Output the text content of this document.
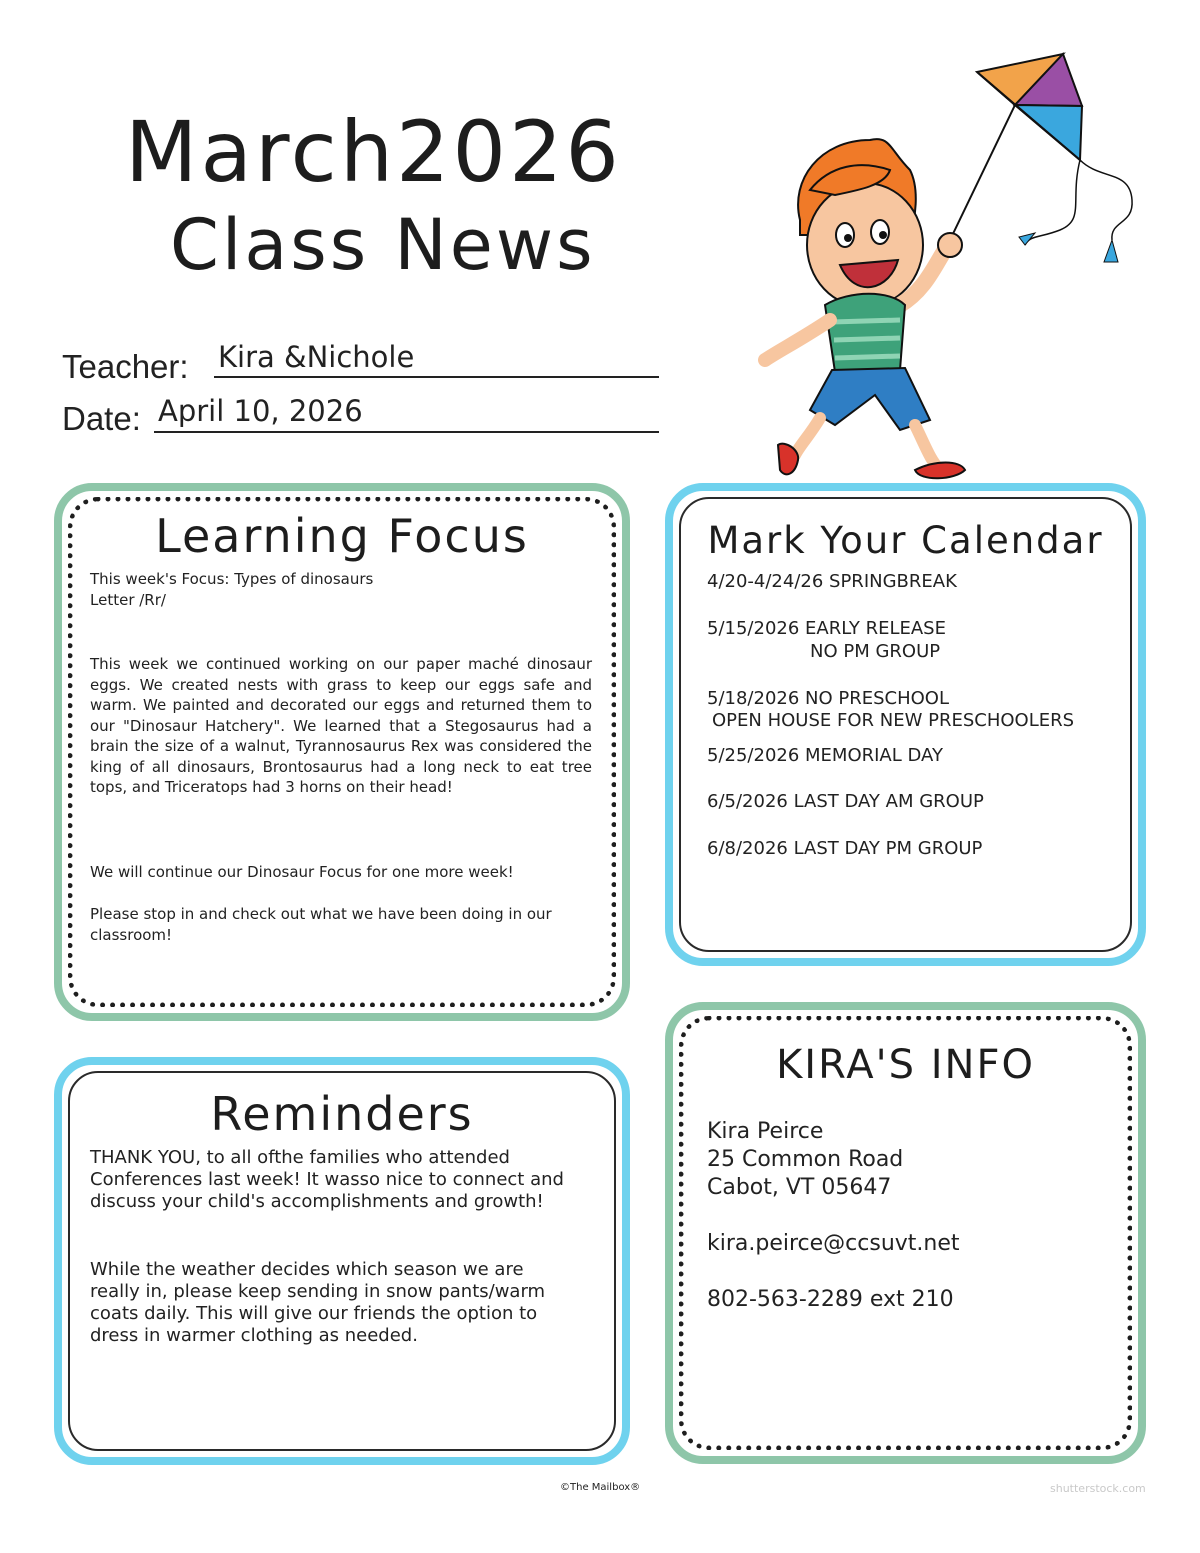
March2026
Class News
Teacher: Kira &Nichole
Date: April 10, 2026
Learning Focus
This week's Focus: Types of dinosaurs
Letter /Rr/
This week we continued working on our paper maché dinosaur eggs. We created nests with grass to keep our eggs safe and warm. We painted and decorated our eggs and returned them to our "Dinosaur Hatchery". We learned that a Stegosaurus had a brain the size of a walnut, Tyrannosaurus Rex was considered the king of all dinosaurs, Brontosaurus had a long neck to eat tree tops, and Triceratops had 3 horns on their head!
We will continue our Dinosaur Focus for one more week!
Please stop in and check out what we have been doing in our classroom!
Mark Your Calendar
4/20-4/24/26 SPRINGBREAK
5/15/2026 EARLY RELEASE
NO PM GROUP
5/18/2026 NO PRESCHOOL
OPEN HOUSE FOR NEW PRESCHOOLERS
5/25/2026 MEMORIAL DAY
6/5/2026 LAST DAY AM GROUP
6/8/2026 LAST DAY PM GROUP
Reminders
THANK YOU, to all ofthe families who attended Conferences last week! It wasso nice to connect and discuss your child's accomplishments and growth!
While the weather decides which season we are really in, please keep sending in snow pants/warm coats daily. This will give our friends the option to dress in warmer clothing as needed.
KIRA'S INFO
Kira Peirce
25 Common Road
Cabot, VT 05647
kira.peirce@ccsuvt.net
802-563-2289 ext 210
©The Mailbox®	shutterstock.com
